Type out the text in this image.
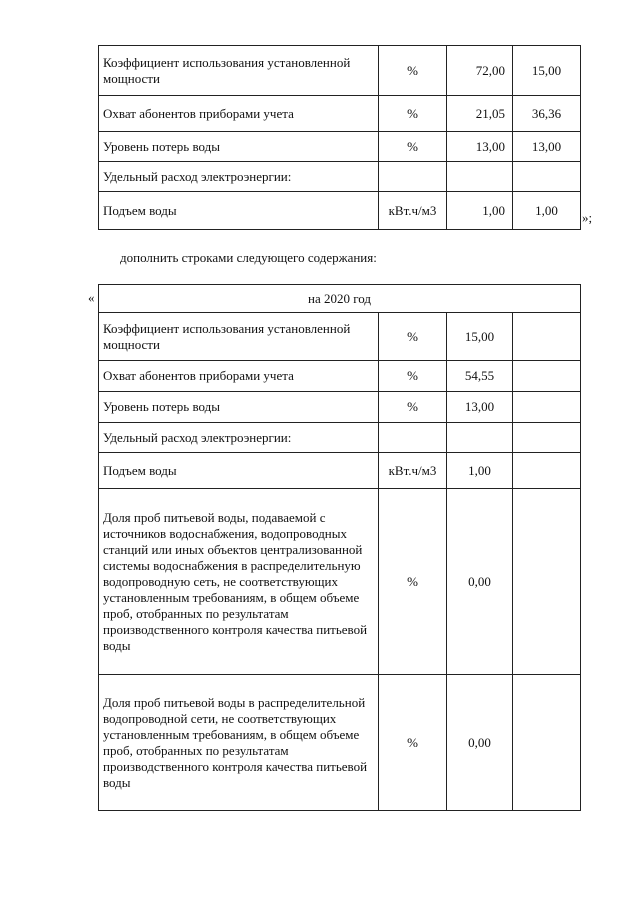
Коэффициент использования установленной мощности	%	72,00	15,00
Охват абонентов приборами учета	%	21,05	36,36
Уровень потерь воды	%	13,00	13,00
Удельный расход электроэнергии:			
Подъем воды	кВт.ч/м3	1,00	1,00 »;
дополнить строками следующего содержания:
«	на 2020 год			
Коэффициент использования установленной мощности	%	15,00	
Охват абонентов приборами учета	%	54,55	
Уровень потерь воды	%	13,00	
Удельный расход электроэнергии:			
Подъем воды	кВт.ч/м3	1,00	
Доля проб питьевой воды, подаваемой с источников водоснабжения, водопроводных станций или иных объектов централизованной системы водоснабжения в распределительную водопроводную сеть, не соответствующих установленным требованиям, в общем объеме проб, отобранных по результатам производственного контроля качества питьевой воды	%	0,00	
Доля проб питьевой воды в распределительной водопроводной сети, не соответствующих установленным требованиям, в общем объеме проб, отобранных по результатам производственного контроля качества питьевой воды	%	0,00	
